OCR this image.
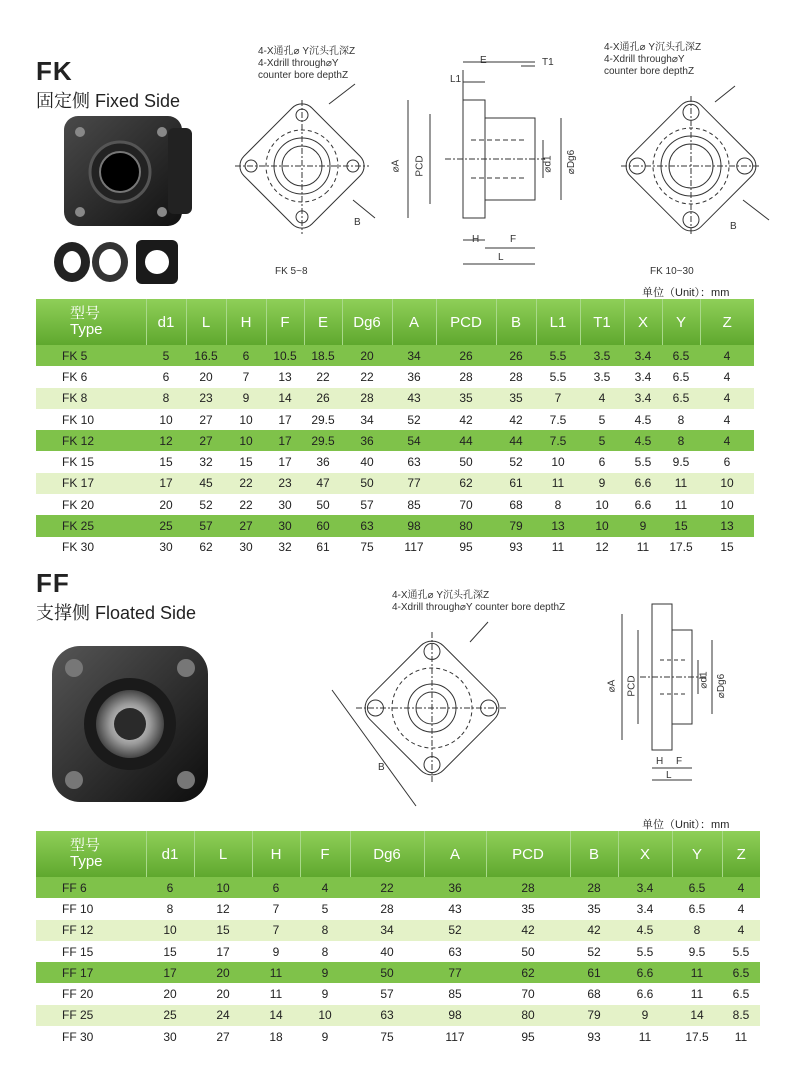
FK
固定侧 Fixed Side
4-X通孔⌀ Y沉头孔深Z
4-Xdrill through⌀Y
counter bore depthZ
4-X通孔⌀ Y沉头孔深Z
4-Xdrill through⌀Y
counter bore depthZ
FK 5~8	FK 10~30
E	T1
L1
⌀A PCD	⌀d1 ⌀Dg6
H	F
L
B	B
单位（Unit）：mm
型号
Type	d1	L	H	F	E	Dg6	A	PCD	B	L1	T1	X	Y	Z
FK 5	5	16.5	6	10.5	18.5	20	34	26	26	5.5	3.5	3.4	6.5	4
FK 6	6	20	7	13	22	22	36	28	28	5.5	3.5	3.4	6.5	4
FK 8	8	23	9	14	26	28	43	35	35	7	4	3.4	6.5	4
FK 10	10	27	10	17	29.5	34	52	42	42	7.5	5	4.5	8	4
FK 12	12	27	10	17	29.5	36	54	44	44	7.5	5	4.5	8	4
FK 15	15	32	15	17	36	40	63	50	52	10	6	5.5	9.5	6
FK 17	17	45	22	23	47	50	77	62	61	11	9	6.6	11	10
FK 20	20	52	22	30	50	57	85	70	68	8	10	6.6	11	10
FK 25	25	57	27	30	60	63	98	80	79	13	10	9	15	13
FK 30	30	62	30	32	61	75	117	95	93	11	12	11	17.5	15
FF
支撑侧 Floated Side
4-X通孔⌀ Y沉头孔深Z
4-Xdrill through⌀Y counter bore depthZ
⌀A PCD	⌀d1 ⌀Dg6
H F
L
B
单位（Unit）：mm
型号
Type	d1	L	H	F	Dg6	A	PCD	B	X	Y	Z
FF 6	6	10	6	4	22	36	28	28	3.4	6.5	4
FF 10	8	12	7	5	28	43	35	35	3.4	6.5	4
FF 12	10	15	7	8	34	52	42	42	4.5	8	4
FF 15	15	17	9	8	40	63	50	52	5.5	9.5	5.5
FF 17	17	20	11	9	50	77	62	61	6.6	11	6.5
FF 20	20	20	11	9	57	85	70	68	6.6	11	6.5
FF 25	25	24	14	10	63	98	80	79	9	14	8.5
FF 30	30	27	18	9	75	117	95	93	11	17.5	11
